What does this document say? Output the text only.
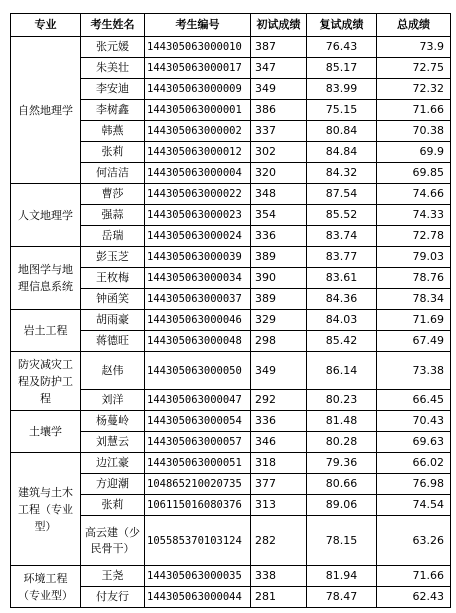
专业	考生姓名	考生编号	初试成绩	复试成绩	总成绩
自然地理学	张元媛	144305063000010	387	76.43	73.9
	朱美壮	144305063000017	347	85.17	72.75
	李安迪	144305063000009	349	83.99	72.32
	李树鑫	144305063000001	386	75.15	71.66
	韩燕	144305063000002	337	80.84	70.38
	张莉	144305063000012	302	84.84	69.9
	何洁洁	144305063000004	320	84.32	69.85
人文地理学	曹莎	144305063000022	348	87.54	74.66
	强蒜	144305063000023	354	85.52	74.33
	岳瑞	144305063000024	336	83.74	72.78
地图学与地理信息系统	彭玉芝	144305063000039	389	83.77	79.03
	王枚梅	144305063000034	390	83.61	78.76
	钟函笑	144305063000037	389	84.36	78.34
岩土工程	胡雨豪	144305063000046	329	84.03	71.69
	蒋德旺	144305063000048	298	85.42	67.49
防灾减灾工程及防护工程	赵伟	144305063000050	349	86.14	73.38
	刘洋	144305063000047	292	80.23	66.45
土壤学	杨蔓岭	144305063000054	336	81.48	70.43
	刘慧云	144305063000057	346	80.28	69.63
建筑与土木工程（专业型）	边江豪	144305063000051	318	79.36	66.02
	方迎潮	104865210020735	377	80.66	76.98
	张莉	106115016080376	313	89.06	74.54
	高云建（少民骨干）	105585370103124	282	78.15	63.26
环境工程（专业型）	王尧	144305063000035	338	81.94	71.66
	付友行	144305063000044	281	78.47	62.43
